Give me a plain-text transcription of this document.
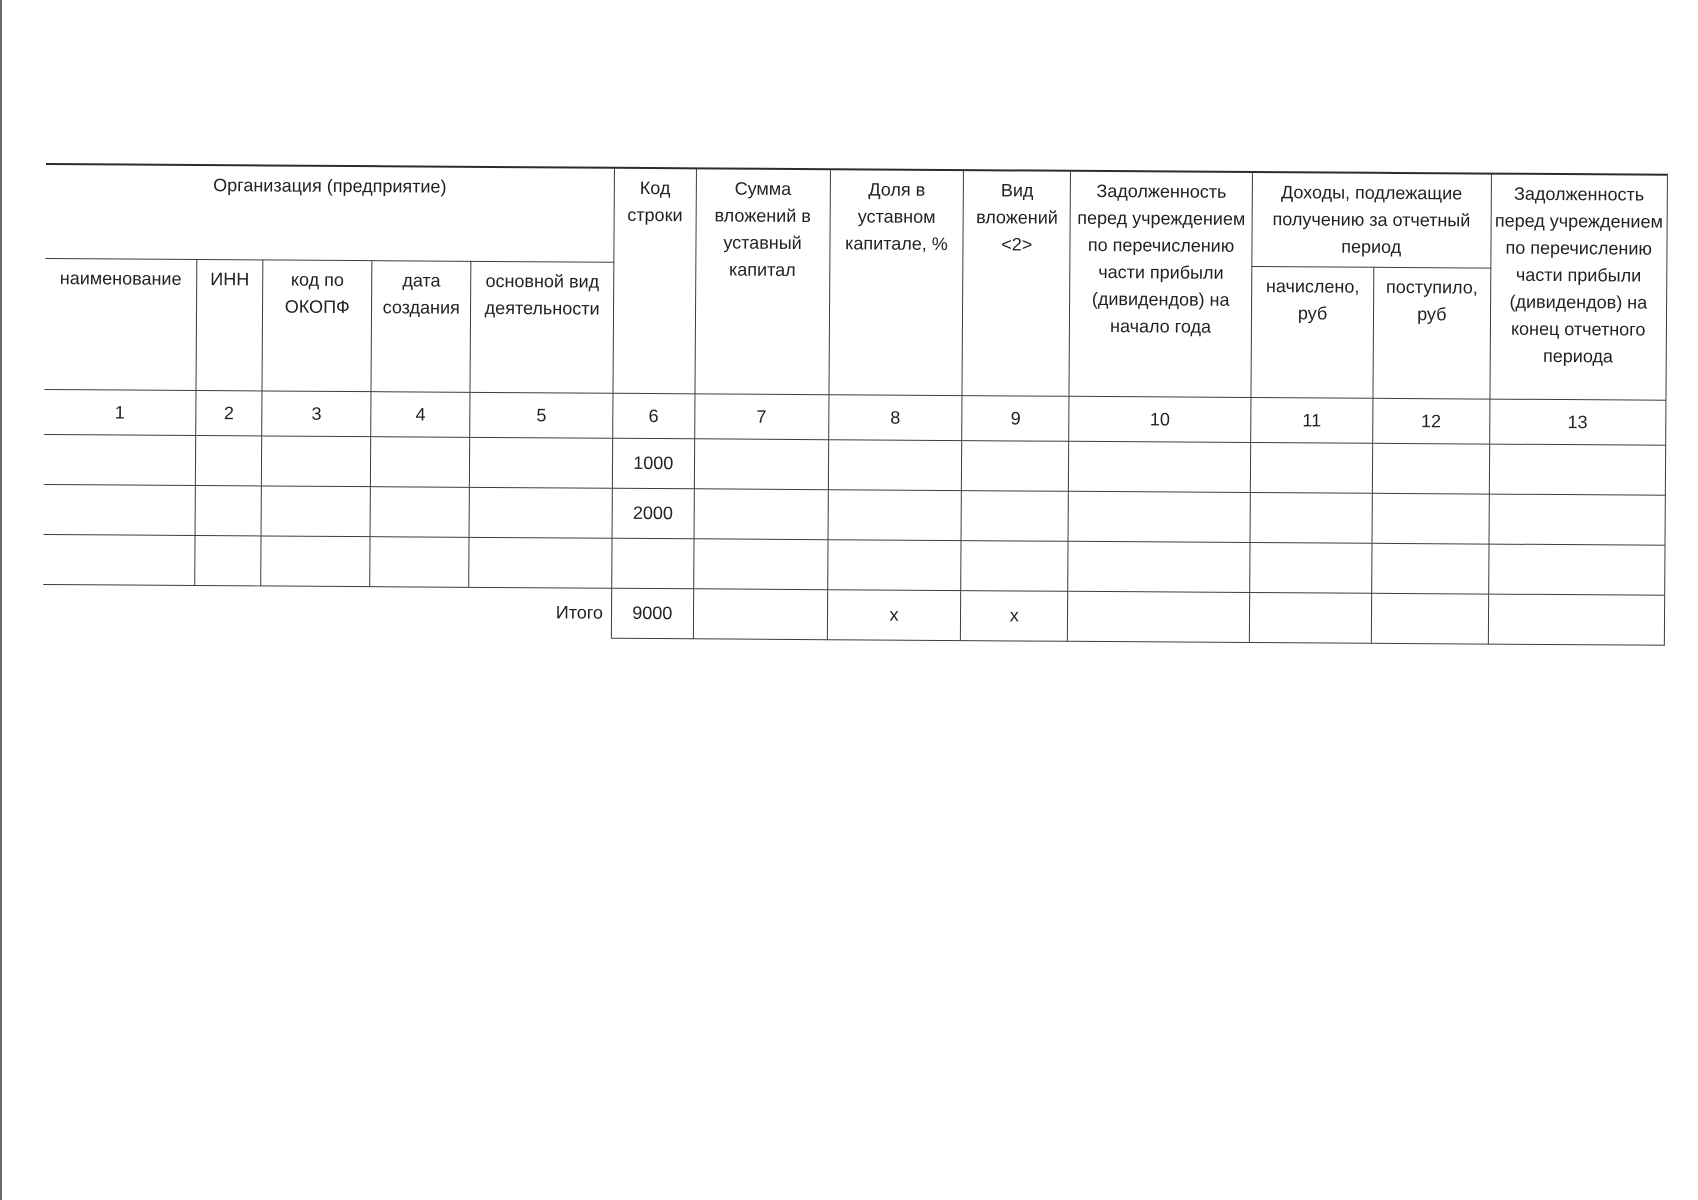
Организация (предприятие)					Код строки	Сумма вложений в уставный капитал	Доля в уставном капитале, %	Вид вложений <2>	Задолженность перед учреждением по перечислению части прибыли (дивидендов) на начало года	Доходы, подлежащие получению за отчетный период		Задолженность перед учреждением по перечислению части прибыли (дивидендов) на конец отчетного периода
наименование	ИНН	код по ОКОПФ	дата создания	основной вид деятельности						начислено, руб	поступило, руб	

1	2	3	4	5	6	7	8	9	10	11	12	13
					1000							
					2000							

Итого					9000		х	х				
